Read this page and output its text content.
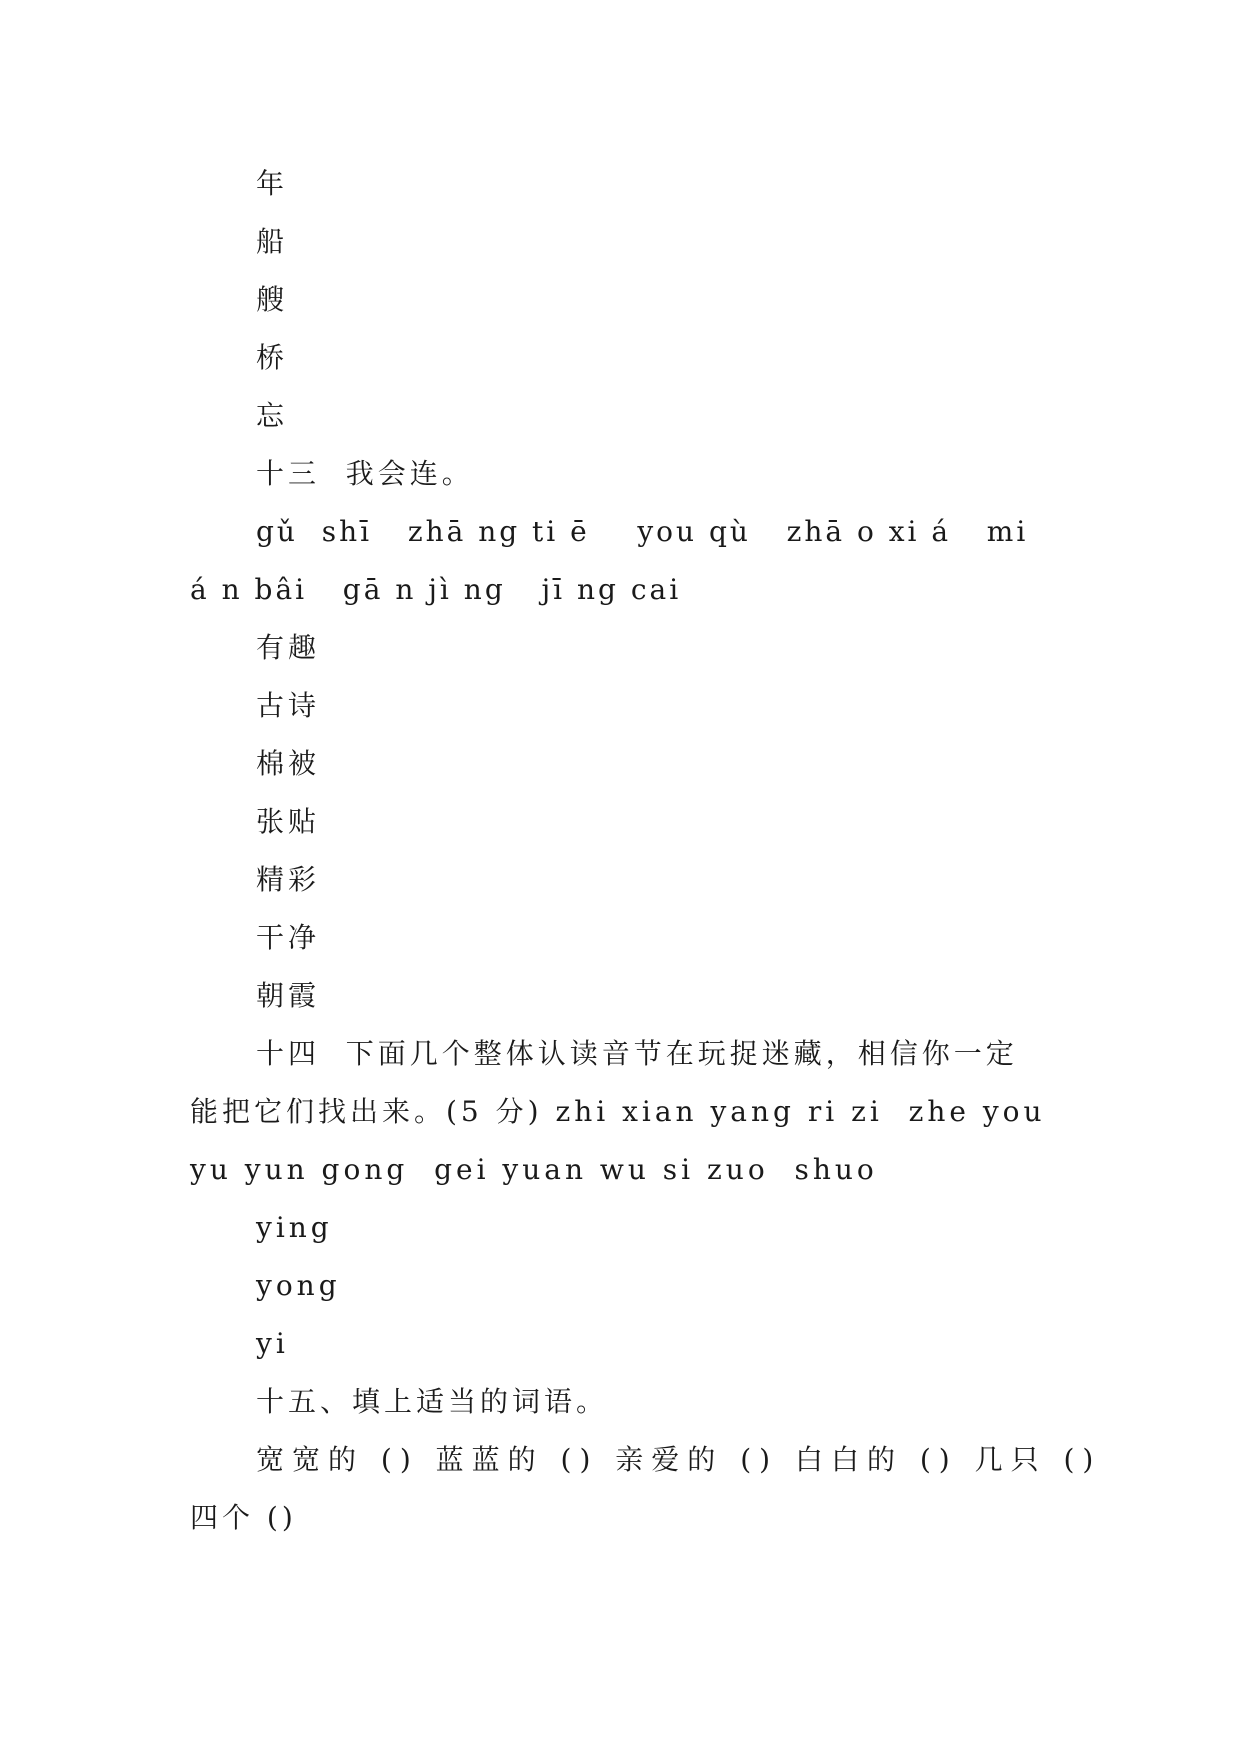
年
船
艘
桥
忘
十三  我会连。
gǔ  shī   zhā ng ti ē    you qù   zhā o xi á   mi
á n bâi   gā n jì ng   jī ng cai
有趣
古诗
棉被
张贴
精彩
干净
朝霞
十四  下面几个整体认读音节在玩捉迷藏，相信你一定
能把它们找出来。(5 分) zhi xian yang ri zi  zhe you
yu yun gong  gei yuan wu si zuo  shuo
ying
yong
yi
十五、填上适当的词语。
宽宽的 () 蓝蓝的 () 亲爱的 () 白白的 () 几只 ()
四个 ()
